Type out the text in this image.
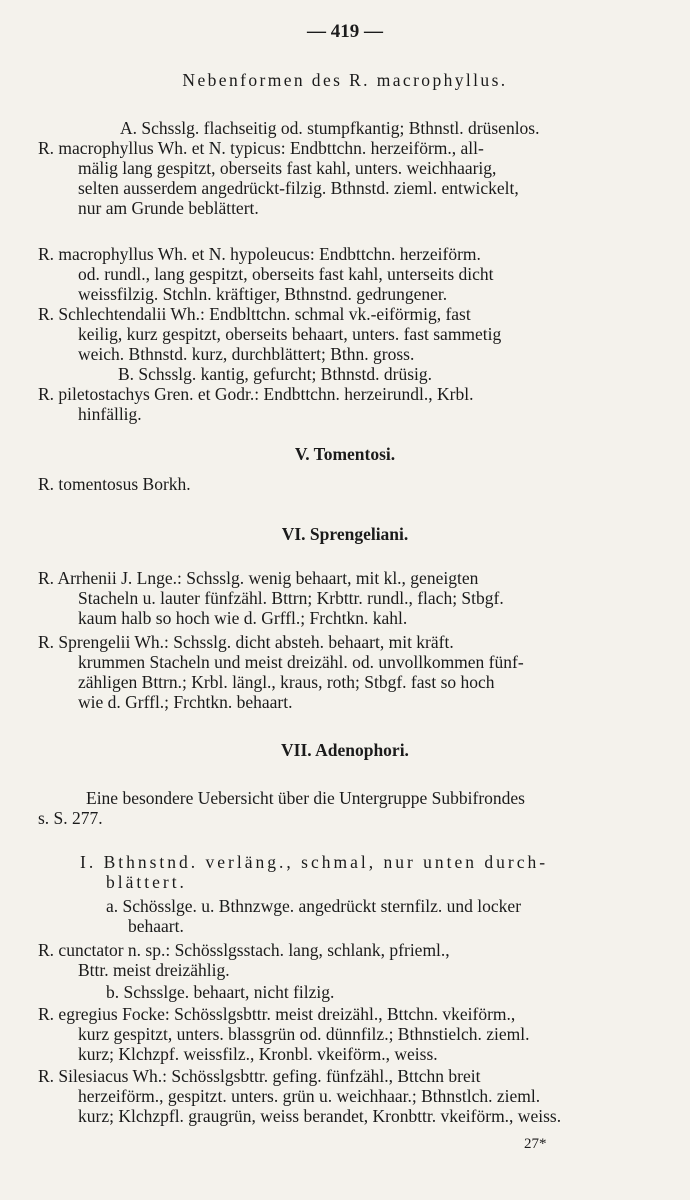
— 419 —
Nebenformen des R. macrophyllus.
A. Schsslg. flachseitig od. stumpfkantig; Bthnstl. drüsenlos.
R. macrophyllus Wh. et N. typicus: Endbttchn. herzeiförm., all-
mälig lang gespitzt, oberseits fast kahl, unters. weichhaarig,
selten ausserdem angedrückt-filzig. Bthnstd. zieml. entwickelt,
nur am Grunde beblättert.
R. macrophyllus Wh. et N. hypoleucus: Endbttchn. herzeiförm.
od. rundl., lang gespitzt, oberseits fast kahl, unterseits dicht
weissfilzig. Stchln. kräftiger, Bthnstnd. gedrungener.
R. Schlechtendalii Wh.: Endblttchn. schmal vk.-eiförmig, fast
keilig, kurz gespitzt, oberseits behaart, unters. fast sammetig
weich. Bthnstd. kurz, durchblättert; Bthn. gross.
B. Schsslg. kantig, gefurcht; Bthnstd. drüsig.
R. piletostachys Gren. et Godr.: Endbttchn. herzeirundl., Krbl.
hinfällig.
V. Tomentosi.
R. tomentosus Borkh.
VI. Sprengeliani.
R. Arrhenii J. Lnge.: Schsslg. wenig behaart, mit kl., geneigten
Stacheln u. lauter fünfzähl. Bttrn; Krbttr. rundl., flach; Stbgf.
kaum halb so hoch wie d. Grffl.; Frchtkn. kahl.
R. Sprengelii Wh.: Schsslg. dicht absteh. behaart, mit kräft.
krummen Stacheln und meist dreizähl. od. unvollkommen fünf-
zähligen Bttrn.; Krbl. längl., kraus, roth; Stbgf. fast so hoch
wie d. Grffl.; Frchtkn. behaart.
VII. Adenophori.
Eine besondere Uebersicht über die Untergruppe Subbifrondes
s. S. 277.
I. Bthnstnd. verläng., schmal, nur unten durch-
blättert.
a. Schösslge. u. Bthnzwge. angedrückt sternfilz. und locker
behaart.
R. cunctator n. sp.: Schösslgsstach. lang, schlank, pfrieml.,
Bttr. meist dreizählig.
b. Schsslge. behaart, nicht filzig.
R. egregius Focke: Schösslgsbttr. meist dreizähl., Bttchn. vkeiförm.,
kurz gespitzt, unters. blassgrün od. dünnfilz.; Bthnstielch. zieml.
kurz; Klchzpf. weissfilz., Kronbl. vkeiförm., weiss.
R. Silesiacus Wh.: Schösslgsbttr. gefing. fünfzähl., Bttchn breit
herzeiförm., gespitzt. unters. grün u. weichhaar.; Bthnstlch. zieml.
kurz; Klchzpfl. graugrün, weiss berandet, Kronbttr. vkeiförm., weiss.
27*
